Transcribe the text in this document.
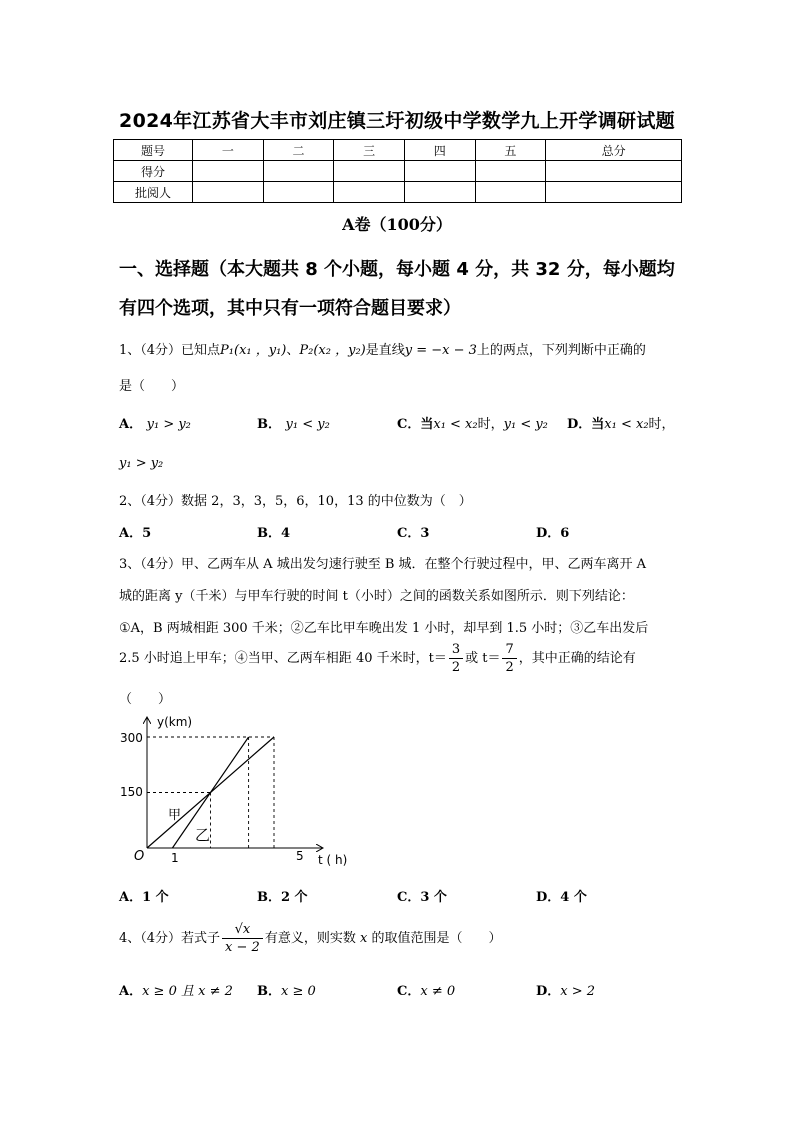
2024年江苏省大丰市刘庄镇三圩初级中学数学九上开学调研试题
题号	一	二	三	四	五	总分
得分						
批阅人						
A卷（100分）
一、选择题（本大题共 8 个小题，每小题 4 分，共 32 分，每小题均
有四个选项，其中只有一项符合题目要求）
1、（4分）已知点P₁(x₁ ，y₁)、P₂(x₂ ，y₂)是直线y = −x − 3上的两点，下列判断中正确的
是（　　）
A． y₁ > y₂	B． y₁ < y₂	C．当x₁ < x₂时，y₁ < y₂ D．当x₁ < x₂时，
y₁ > y₂
2、（4分）数据 2，3，3，5，6，10，13 的中位数为（　）
A．5	B．4	C．3	D．6
3、（4分）甲、乙两车从 A 城出发匀速行驶至 B 城．在整个行驶过程中，甲、乙两车离开 A
城的距离 y（千米）与甲车行驶的时间 t（小时）之间的函数关系如图所示．则下列结论：
①A，B 两城相距 300 千米；②乙车比甲车晚出发 1 小时，却早到 1.5 小时；③乙车出发后
2.5 小时追上甲车；④当甲、乙两车相距 40 千米时，$t= \frac{3}{2}$ 或 $t= \frac{7}{2}$ ，其中正确的结论有
（　　）
y(km)
t ( h)
O
300
150
1	5
甲
乙
A．1 个	B．2 个	C．3 个	D．4 个
4、（4分）若式子 $\frac{√x}{x - 2}$ 有意义，则实数 x 的取值范围是（　　）
A．x ≥ 0 且 x ≠ 2 B．x ≥ 0	C．x ≠ 0	D．x > 2
